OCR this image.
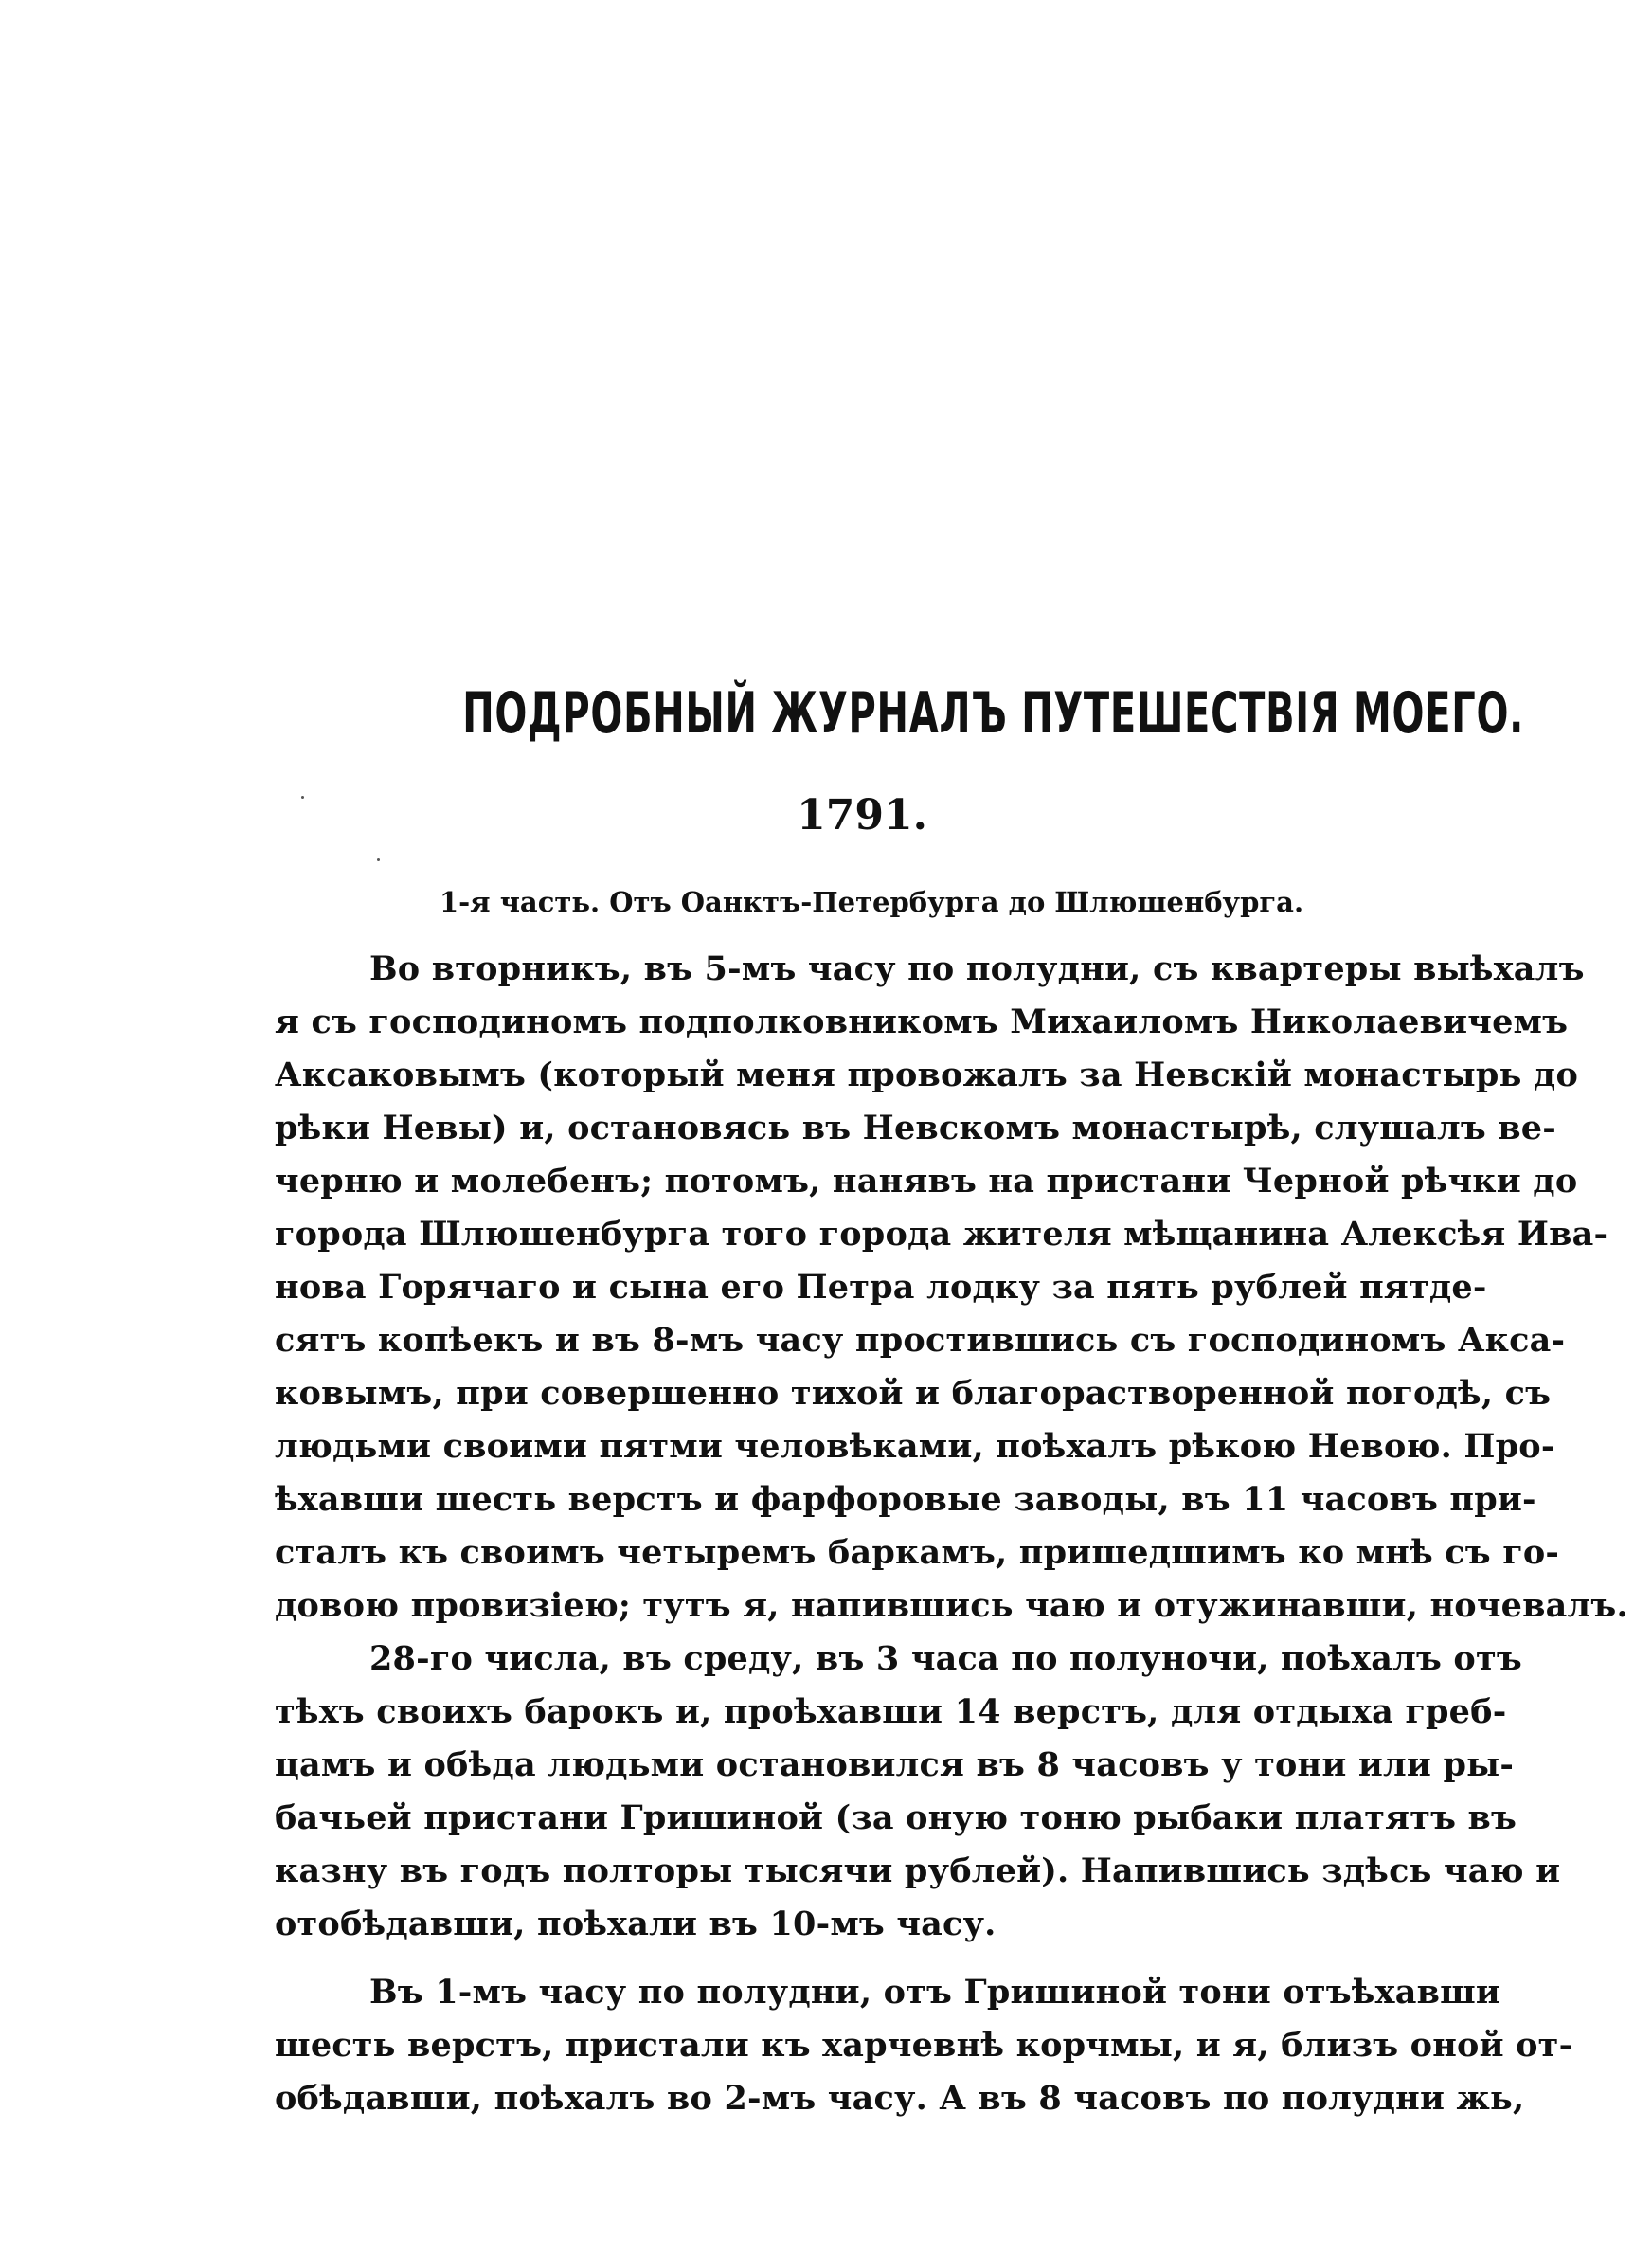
ПОДРОБНЫЙ ЖУРНАЛЪ ПУТЕШЕСТВІЯ МОЕГО.
1791.
1-я часть. Отъ Оанктъ-Петербурга до Шлюшенбурга.
Во вторникъ, въ 5-мъ часу по полудни, съ квартеры выѣхалъ
я съ господиномъ подполковникомъ Михаиломъ Николаевичемъ
Аксаковымъ (который меня провожалъ за Невскій монастырь до
рѣки Невы) и, остановясь въ Невскомъ монастырѣ, слушалъ ве-
черню и молебенъ; потомъ, нанявъ на пристани Черной рѣчки до
города Шлюшенбурга того города жителя мѣщанина Алексѣя Ива-
нова Горячаго и сына его Петра лодку за пять рублей пятде-
сятъ копѣекъ и въ 8-мъ часу простившись съ господиномъ Акса-
ковымъ, при совершенно тихой и благорастворенной погодѣ, съ
людьми своими пятми человѣками, поѣхалъ рѣкою Невою. Про-
ѣхавши шесть верстъ и фарфоровые заводы, въ 11 часовъ при-
сталъ къ своимъ четыремъ баркамъ, пришедшимъ ко мнѣ съ го-
довою провизіею; тутъ я, напившись чаю и отужинавши, ночевалъ.
28-го числа, въ среду, въ 3 часа по полуночи, поѣхалъ отъ
тѣхъ своихъ барокъ и, проѣхавши 14 верстъ, для отдыха греб-
цамъ и обѣда людьми остановился въ 8 часовъ у тони или ры-
бачьей пристани Гришиной (за оную тоню рыбаки платятъ въ
казну въ годъ полторы тысячи рублей). Напившись здѣсь чаю и
отобѣдавши, поѣхали въ 10-мъ часу.
Въ 1-мъ часу по полудни, отъ Гришиной тони отъѣхавши
шесть верстъ, пристали къ харчевнѣ корчмы, и я, близъ оной от-
обѣдавши, поѣхалъ во 2-мъ часу. А въ 8 часовъ по полудни жь,
